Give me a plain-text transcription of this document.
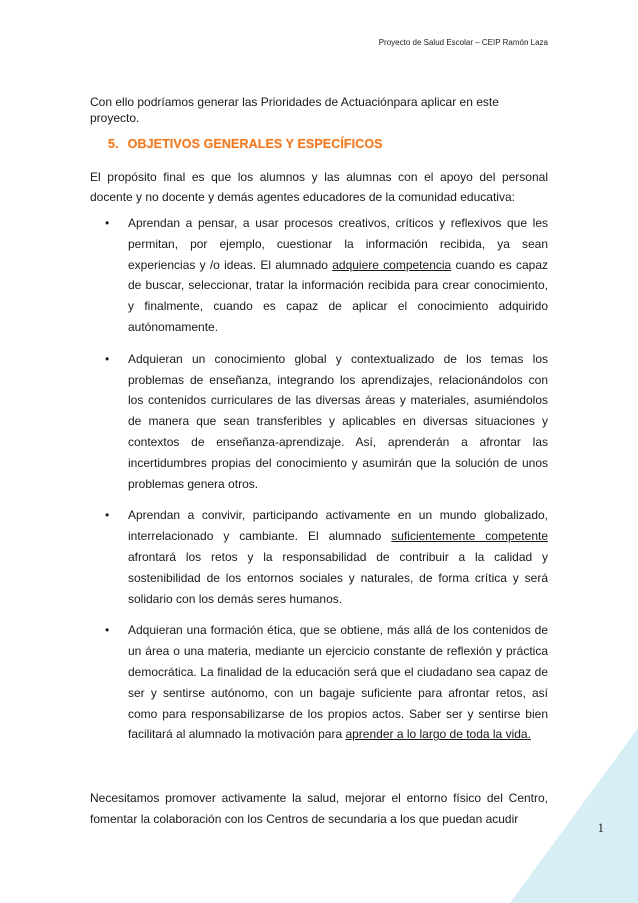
Proyecto de Salud Escolar – CEIP Ramón Laza
Con ello podríamos generar las Prioridades de Actuaciónpara aplicar en este proyecto.
5. OBJETIVOS GENERALES Y ESPECÍFICOS
El propósito final es que los alumnos y las alumnas con el apoyo del personal docente y no docente y demás agentes educadores de la comunidad educativa:
• Aprendan a pensar, a usar procesos creativos, críticos y reflexivos que les permitan, por ejemplo, cuestionar la información recibida, ya sean experiencias y /o ideas. El alumnado adquiere competencia cuando es capaz de buscar, seleccionar, tratar la información recibida para crear conocimiento, y finalmente, cuando es capaz de aplicar el conocimiento adquirido autónomamente.
• Adquieran un conocimiento global y contextualizado de los temas los problemas de enseñanza, integrando los aprendizajes, relacionándolos con los contenidos curriculares de las diversas áreas y materiales, asumiéndolos de manera que sean transferibles y aplicables en diversas situaciones y contextos de enseñanza-aprendizaje. Así, aprenderán a afrontar las incertidumbres propias del conocimiento y asumirán que la solución de unos problemas genera otros.
• Aprendan a convivir, participando activamente en un mundo globalizado, interrelacionado y cambiante. El alumnado suficientemente competente afrontará los retos y la responsabilidad de contribuir a la calidad y sostenibilidad de los entornos sociales y naturales, de forma crítica y será solidario con los demás seres humanos.
• Adquieran una formación ética, que se obtiene, más allá de los contenidos de un área o una materia, mediante un ejercicio constante de reflexión y práctica democrática. La finalidad de la educación será que el ciudadano sea capaz de ser y sentirse autónomo, con un bagaje suficiente para afrontar retos, así como para responsabilizarse de los propios actos. Saber ser y sentirse bien facilitará al alumnado la motivación para aprender a lo largo de toda la vida.
Necesitamos promover activamente la salud, mejorar el entorno físico del Centro, fomentar la colaboración con los Centros de secundaria a los que puedan acudir
1
